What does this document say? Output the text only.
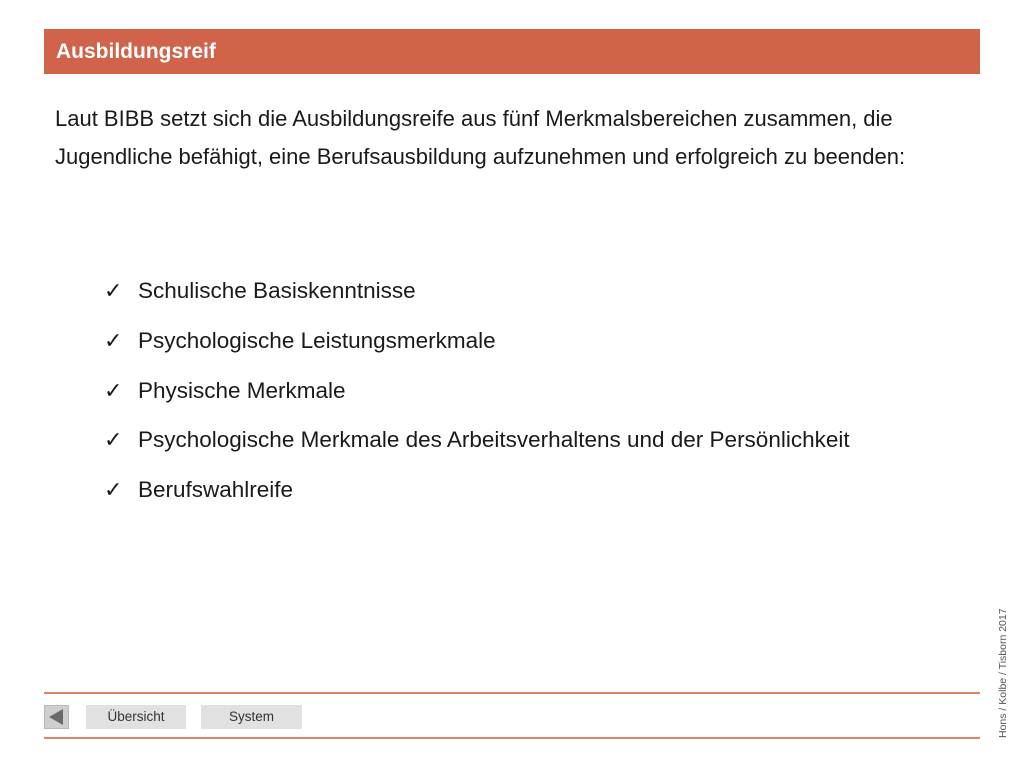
Ausbildungsreif

Laut BIBB setzt sich die Ausbildungsreife aus fünf Merkmalsbereichen zusammen, die Jugendliche befähigt, eine Berufsausbildung aufzunehmen und erfolgreich zu beenden:

✓ Schulische Basiskenntnisse
✓ Psychologische Leistungsmerkmale
✓ Physische Merkmale
✓ Psychologische Merkmale des Arbeitsverhaltens und der Persönlichkeit
✓ Berufswahlreife
Übersicht	System	Hons / Kolbe / Tisborn 2017
